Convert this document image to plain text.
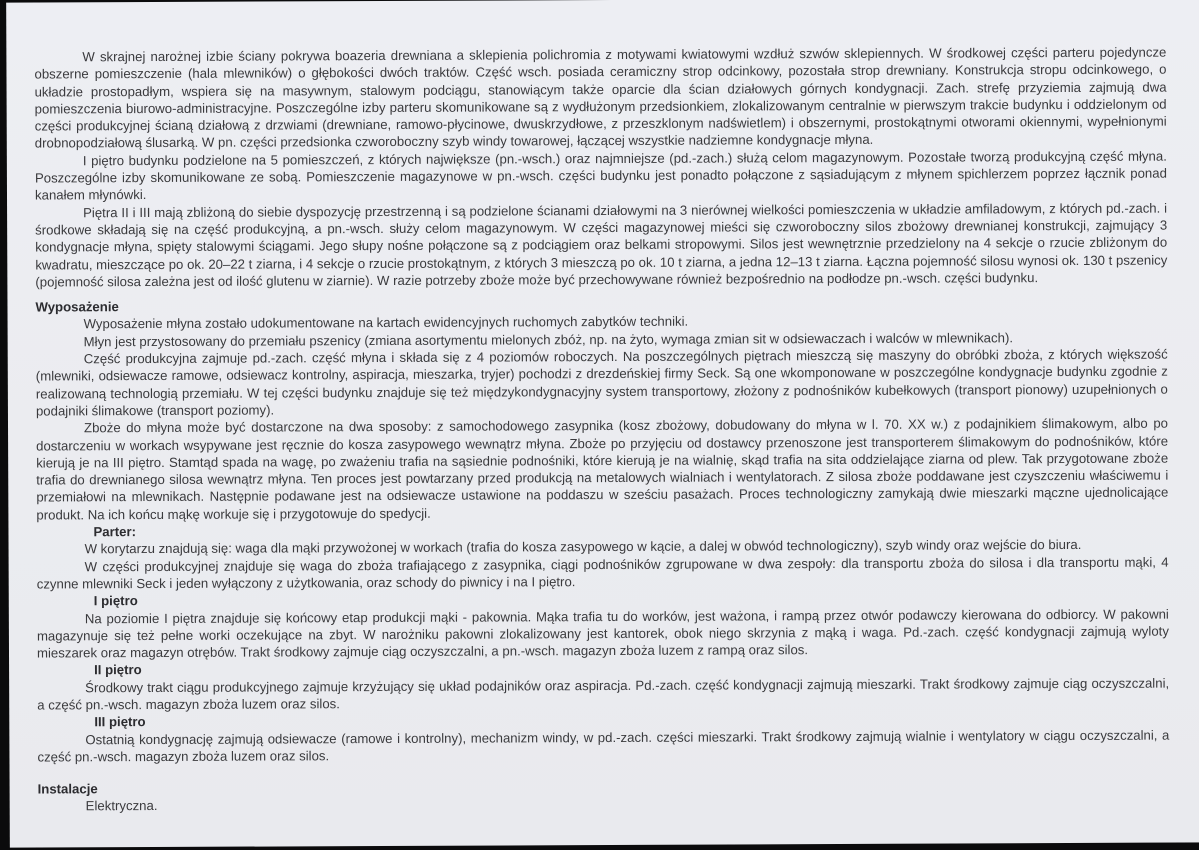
W skrajnej narożnej izbie ściany pokrywa boazeria drewniana a sklepienia polichromia z motywami kwiatowymi wzdłuż szwów sklepiennych. W środkowej części parteru pojedyncze obszerne pomieszczenie (hala mlewników) o głębokości dwóch traktów. Część wsch. posiada ceramiczny strop odcinkowy, pozostała strop drewniany. Konstrukcja stropu odcinkowego, o układzie prostopadłym, wspiera się na masywnym, stalowym podciągu, stanowiącym także oparcie dla ścian działowych górnych kondygnacji. Zach. strefę przyziemia zajmują dwa pomieszczenia biurowo-administracyjne. Poszczególne izby parteru skomunikowane są z wydłużonym przedsionkiem, zlokalizowanym centralnie w pierwszym trakcie budynku i oddzielonym od części produkcyjnej ścianą działową z drzwiami (drewniane, ramowo-płycinowe, dwuskrzydłowe, z przeszklonym nadświetlem) i obszernymi, prostokątnymi otworami okiennymi, wypełnionymi drobnopodziałową ślusarką. W pn. części przedsionka czworoboczny szyb windy towarowej, łączącej wszystkie nadziemne kondygnacje młyna.

I piętro budynku podzielone na 5 pomieszczeń, z których największe (pn.-wsch.) oraz najmniejsze (pd.-zach.) służą celom magazynowym. Pozostałe tworzą produkcyjną część młyna. Poszczególne izby skomunikowane ze sobą. Pomieszczenie magazynowe w pn.-wsch. części budynku jest ponadto połączone z sąsiadującym z młynem spichlerzem poprzez łącznik ponad kanałem młynówki.

Piętra II i III mają zbliżoną do siebie dyspozycję przestrzenną i są podzielone ścianami działowymi na 3 nierównej wielkości pomieszczenia w układzie amfiladowym, z których pd.-zach. i środkowe składają się na część produkcyjną, a pn.-wsch. służy celom magazynowym. W części magazynowej mieści się czworoboczny silos zbożowy drewnianej konstrukcji, zajmujący 3 kondygnacje młyna, spięty stalowymi ściągami. Jego słupy nośne połączone są z podciągiem oraz belkami stropowymi. Silos jest wewnętrznie przedzielony na 4 sekcje o rzucie zbliżonym do kwadratu, mieszczące po ok. 20–22 t ziarna, i 4 sekcje o rzucie prostokątnym, z których 3 mieszczą po ok. 10 t ziarna, a jedna 12–13 t ziarna. Łączna pojemność silosu wynosi ok. 130 t pszenicy (pojemność silosa zależna jest od ilość glutenu w ziarnie). W razie potrzeby zboże może być przechowywane również bezpośrednio na podłodze pn.-wsch. części budynku.

Wyposażenie

Wyposażenie młyna zostało udokumentowane na kartach ewidencyjnych ruchomych zabytków techniki.

Młyn jest przystosowany do przemiału pszenicy (zmiana asortymentu mielonych zbóż, np. na żyto, wymaga zmian sit w odsiewaczach i walców w mlewnikach).

Część produkcyjna zajmuje pd.-zach. część młyna i składa się z 4 poziomów roboczych. Na poszczególnych piętrach mieszczą się maszyny do obróbki zboża, z których większość (mlewniki, odsiewacze ramowe, odsiewacz kontrolny, aspiracja, mieszarka, tryjer) pochodzi z drezdeńskiej firmy Seck. Są one wkomponowane w poszczególne kondygnacje budynku zgodnie z realizowaną technologią przemiału. W tej części budynku znajduje się też międzykondygnacyjny system transportowy, złożony z podnośników kubełkowych (transport pionowy) uzupełnionych o podajniki ślimakowe (transport poziomy).

Zboże do młyna może być dostarczone na dwa sposoby: z samochodowego zasypnika (kosz zbożowy, dobudowany do młyna w l. 70. XX w.) z podajnikiem ślimakowym, albo po dostarczeniu w workach wsypywane jest ręcznie do kosza zasypowego wewnątrz młyna. Zboże po przyjęciu od dostawcy przenoszone jest transporterem ślimakowym do podnośników, które kierują je na III piętro. Stamtąd spada na wagę, po zważeniu trafia na sąsiednie podnośniki, które kierują je na wialnię, skąd trafia na sita oddzielające ziarna od plew. Tak przygotowane zboże trafia do drewnianego silosa wewnątrz młyna. Ten proces jest powtarzany przed produkcją na metalowych wialniach i wentylatorach. Z silosa zboże poddawane jest czyszczeniu właściwemu i przemiałowi na mlewnikach. Następnie podawane jest na odsiewacze ustawione na poddaszu w sześciu pasażach. Proces technologiczny zamykają dwie mieszarki mączne ujednolicające produkt. Na ich końcu mąkę workuje się i przygotowuje do spedycji.

Parter:

W korytarzu znajdują się: waga dla mąki przywożonej w workach (trafia do kosza zasypowego w kącie, a dalej w obwód technologiczny), szyb windy oraz wejście do biura.

W części produkcyjnej znajduje się waga do zboża trafiającego z zasypnika, ciągi podnośników zgrupowane w dwa zespoły: dla transportu zboża do silosa i dla transportu mąki, 4 czynne mlewniki Seck i jeden wyłączony z użytkowania, oraz schody do piwnicy i na I piętro.

I piętro

Na poziomie I piętra znajduje się końcowy etap produkcji mąki - pakownia. Mąka trafia tu do worków, jest ważona, i rampą przez otwór podawczy kierowana do odbiorcy. W pakowni magazynuje się też pełne worki oczekujące na zbyt. W narożniku pakowni zlokalizowany jest kantorek, obok niego skrzynia z mąką i waga. Pd.-zach. część kondygnacji zajmują wyloty mieszarek oraz magazyn otrębów. Trakt środkowy zajmuje ciąg oczyszczalni, a pn.-wsch. magazyn zboża luzem z rampą oraz silos.

II piętro

Środkowy trakt ciągu produkcyjnego zajmuje krzyżujący się układ podajników oraz aspiracja. Pd.-zach. część kondygnacji zajmują mieszarki. Trakt środkowy zajmuje ciąg oczyszczalni, a część pn.-wsch. magazyn zboża luzem oraz silos.

III piętro

Ostatnią kondygnację zajmują odsiewacze (ramowe i kontrolny), mechanizm windy, w pd.-zach. części mieszarki. Trakt środkowy zajmują wialnie i wentylatory w ciągu oczyszczalni, a część pn.-wsch. magazyn zboża luzem oraz silos.

Instalacje

Elektryczna.
